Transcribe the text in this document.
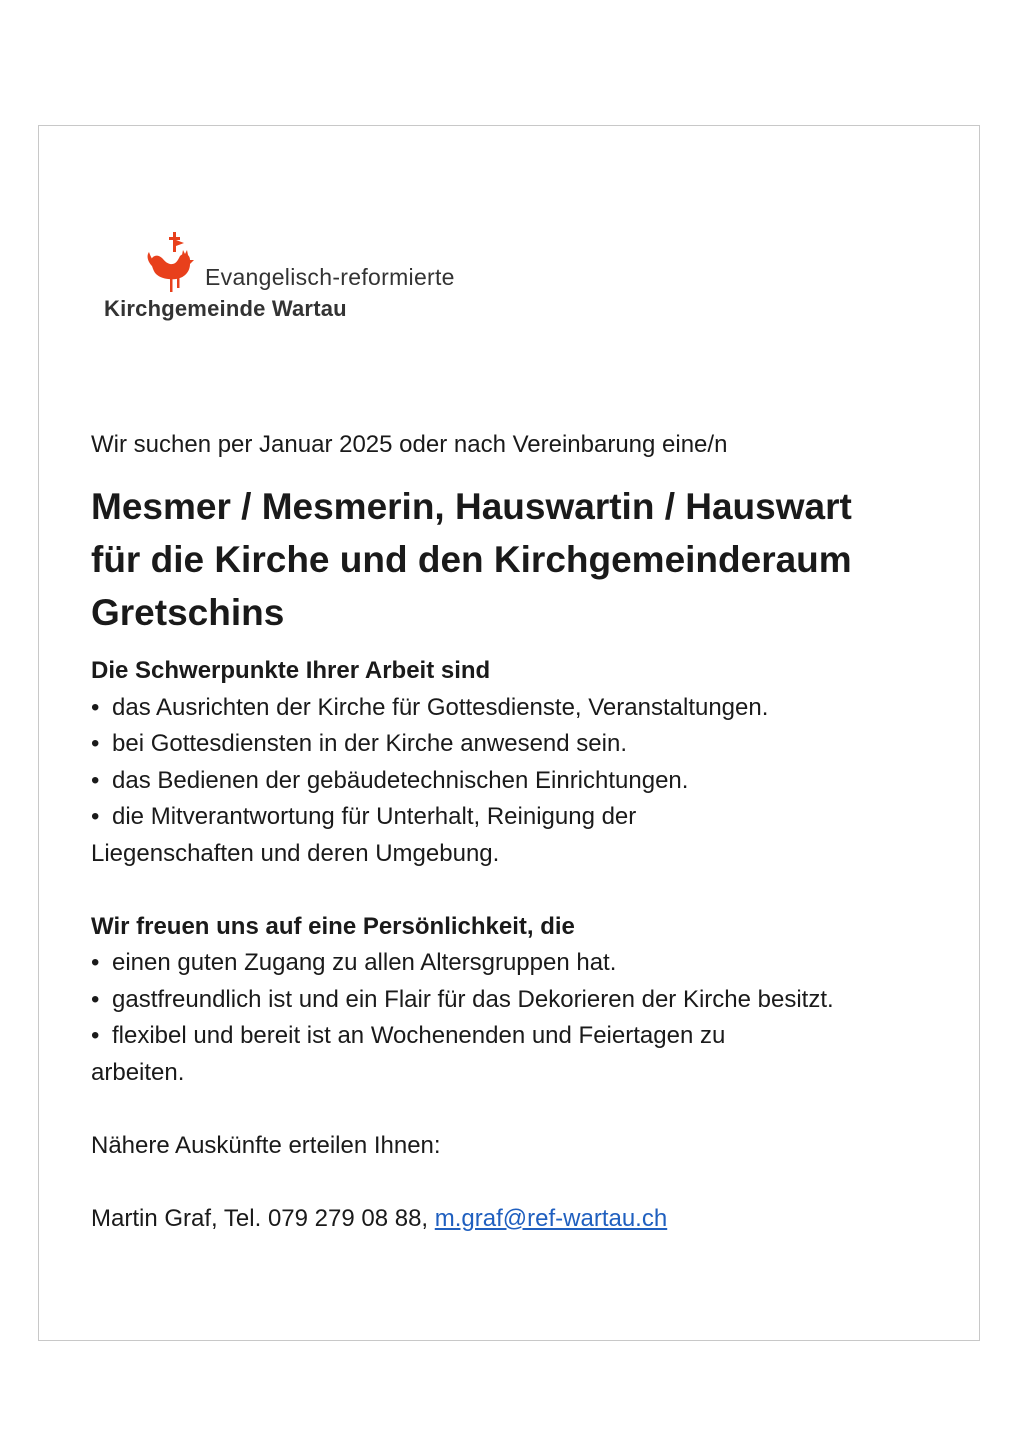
Evangelisch-reformierte
Kirchgemeinde Wartau

Wir suchen per Januar 2025 oder nach Vereinbarung eine/n

Mesmer / Mesmerin, Hauswartin / Hauswart
für die Kirche und den Kirchgemeinderaum
Gretschins

Die Schwerpunkte Ihrer Arbeit sind

• das Ausrichten der Kirche für Gottesdienste, Veranstaltungen.
• bei Gottesdiensten in der Kirche anwesend sein.
• das Bedienen der gebäudetechnischen Einrichtungen.
• die Mitverantwortung für Unterhalt, Reinigung der Liegenschaften und deren Umgebung.

Wir freuen uns auf eine Persönlichkeit, die

• einen guten Zugang zu allen Altersgruppen hat.
• gastfreundlich ist und ein Flair für das Dekorieren der Kirche besitzt.
• flexibel und bereit ist an Wochenenden und Feiertagen zu arbeiten.

Nähere Auskünfte erteilen Ihnen:

Martin Graf, Tel. 079 279 08 88, m.graf@ref-wartau.ch
